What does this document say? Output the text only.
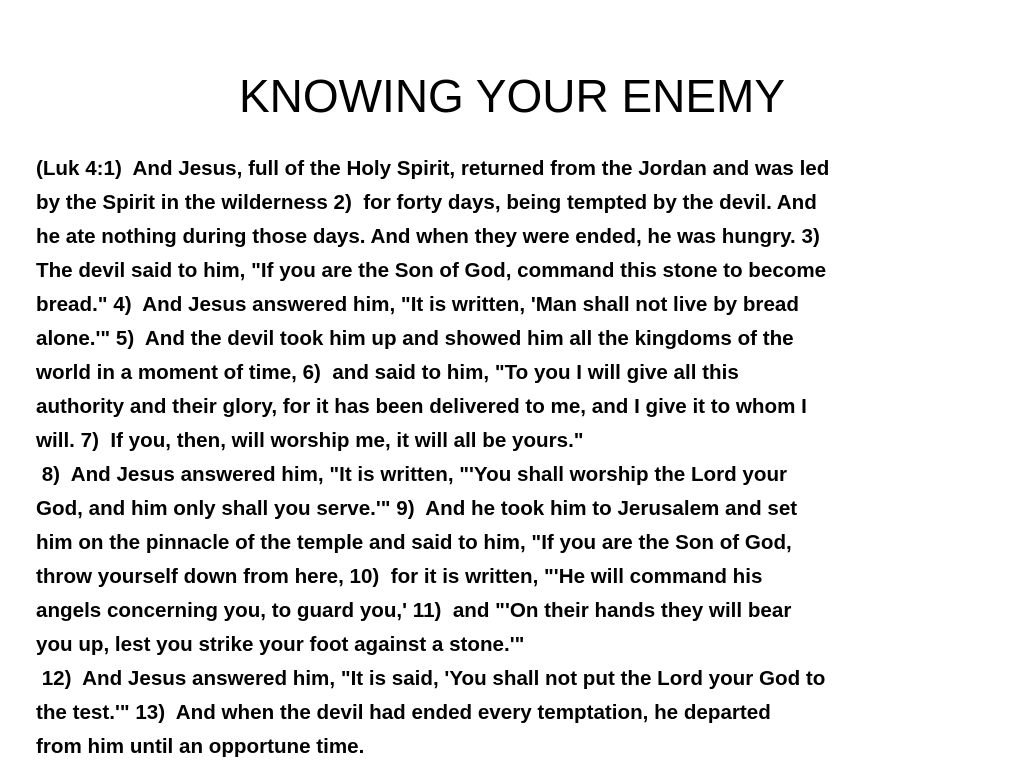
KNOWING YOUR ENEMY
(Luk 4:1)  And Jesus, full of the Holy Spirit, returned from the Jordan and was led
by the Spirit in the wilderness 2)  for forty days, being tempted by the devil. And
he ate nothing during those days. And when they were ended, he was hungry. 3)
The devil said to him, "If you are the Son of God, command this stone to become
bread." 4)  And Jesus answered him, "It is written, 'Man shall not live by bread
alone.'" 5)  And the devil took him up and showed him all the kingdoms of the
world in a moment of time, 6)  and said to him, "To you I will give all this
authority and their glory, for it has been delivered to me, and I give it to whom I
will. 7)  If you, then, will worship me, it will all be yours."
8)  And Jesus answered him, "It is written, "'You shall worship the Lord your
God, and him only shall you serve.'" 9)  And he took him to Jerusalem and set
him on the pinnacle of the temple and said to him, "If you are the Son of God,
throw yourself down from here, 10)  for it is written, "'He will command his
angels concerning you, to guard you,' 11)  and "'On their hands they will bear
you up, lest you strike your foot against a stone.'"
12)  And Jesus answered him, "It is said, 'You shall not put the Lord your God to
the test.'" 13)  And when the devil had ended every temptation, he departed
from him until an opportune time.
